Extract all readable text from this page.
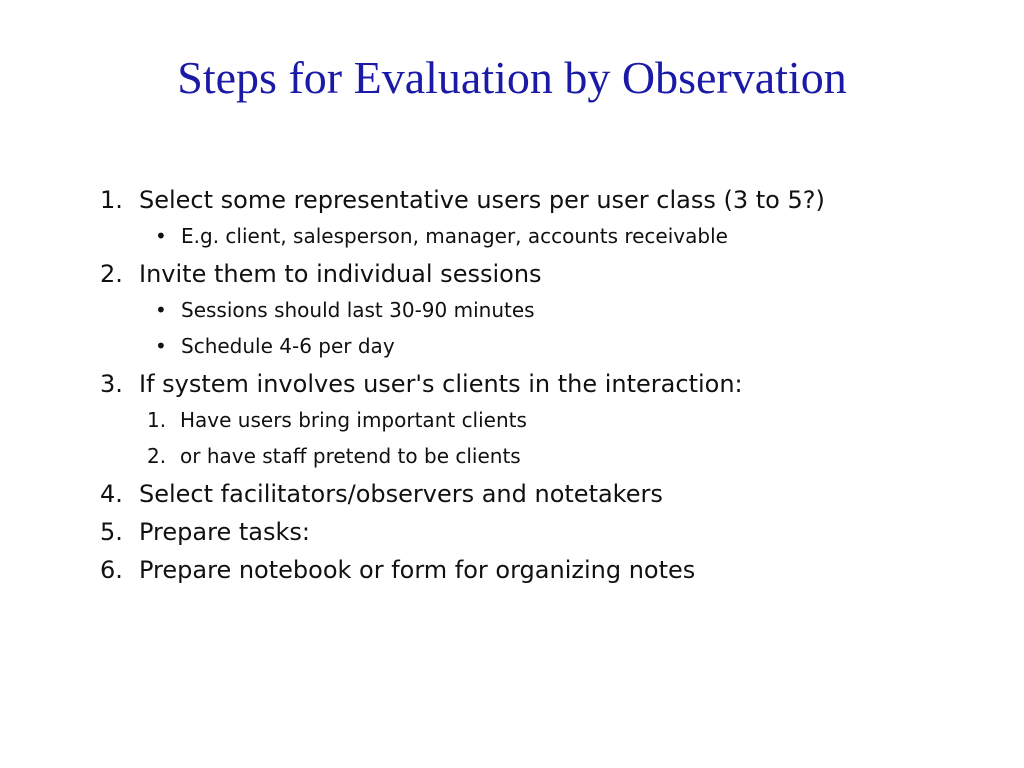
Steps for Evaluation by Observation
1. Select some representative users per user class (3 to 5?)
• E.g. client, salesperson, manager, accounts receivable
2. Invite them to individual sessions
• Sessions should last 30-90 minutes
• Schedule 4-6 per day
3. If system involves user's clients in the interaction:
1. Have users bring important clients
2. or have staff pretend to be clients
4. Select facilitators/observers and notetakers
5. Prepare tasks:
6. Prepare notebook or form for organizing notes
